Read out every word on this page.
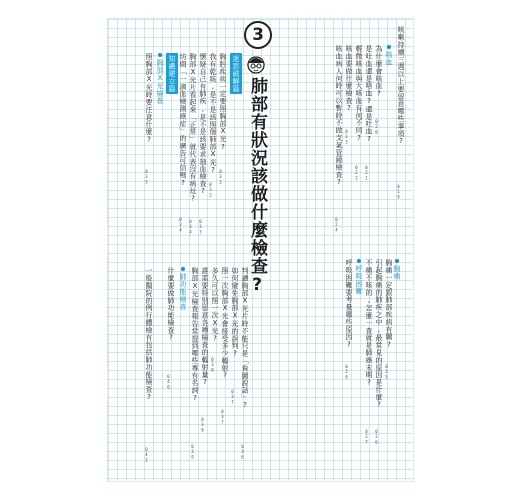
咳嗽持續三週以上要留意哪些事項?
019
咳血
為什麼會咳血?
020
是吐血還是咯血?還是吐血?
021
輕微咳血與大咳血有何不同?
022
咳血要做什麼檢查?
023
咳血病人何時可以暫時不做支氣管鏡檢查?
024
胸痛
胸痛一定跟肺部疾病有關?
025
引起胸痛的肺疾之中,最常見的原因是什麼?
026
不痛不咳的,怎麼一查就是肺癌末期?
027
呼吸困難
呼吸困難要考量哪些原因?
028
3
肺部有狀況該做什麼檢查?
迷思破解篇
胸腔疾病一定要照胸部X光?
032
我有乾咳,是不是該照個肺部X光?
032
懷疑自己有肺疾,是不是該要求抽血檢查?
033
胸部X光片看起來「正常」就代表沒有病灶?
034
坊間「一滴血檢測癌症」的廣告可信嗎?
034
知識建立篇
胸部X光檢查
照胸部X光時要注意什麼?
035
判讀胸部X光片時不能只是「看圖說話」?
036
如何避免胸部X光的誤判?
037
照一次胸部X光會接受多少輻射?
037
多久可以照一次X光?
038
誰需要特別留意各種檢查的輻射量?
038
胸部X光檢查報告常提到哪些專有名詞?
039
肺功能檢查
什麼要做肺功能檢查?
040
一般醫院的例行體檢有包括肺功能檢查?
042
